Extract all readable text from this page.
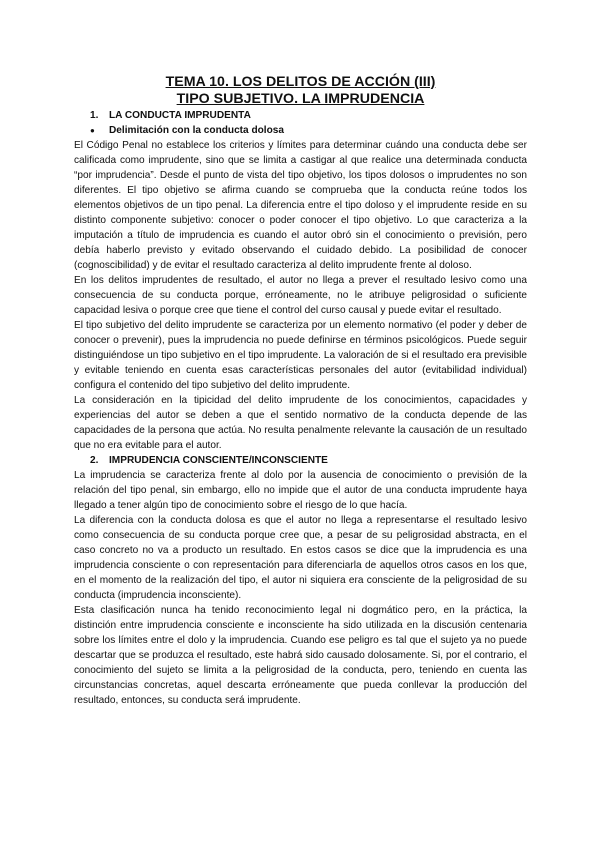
TEMA 10. LOS DELITOS DE ACCIÓN (III)
TIPO SUBJETIVO. LA IMPRUDENCIA
1.	LA CONDUCTA IMPRUDENTA
●	Delimitación con la conducta dolosa

El Código Penal no establece los criterios y límites para determinar cuándo una conducta debe ser calificada como imprudente, sino que se limita a castigar al que realice una determinada conducta “por imprudencia”. Desde el punto de vista del tipo objetivo, los tipos dolosos o imprudentes no son diferentes. El tipo objetivo se afirma cuando se comprueba que la conducta reúne todos los elementos objetivos de un tipo penal. La diferencia entre el tipo doloso y el imprudente reside en su distinto componente subjetivo: conocer o poder conocer el tipo objetivo. Lo que caracteriza a la imputación a título de imprudencia es cuando el autor obró sin el conocimiento o previsión, pero debía haberlo previsto y evitado observando el cuidado debido. La posibilidad de conocer (cognoscibilidad) y de evitar el resultado caracteriza al delito imprudente frente al doloso.

En los delitos imprudentes de resultado, el autor no llega a prever el resultado lesivo como una consecuencia de su conducta porque, erróneamente, no le atribuye peligrosidad o suficiente capacidad lesiva o porque cree que tiene el control del curso causal y puede evitar el resultado.

El tipo subjetivo del delito imprudente se caracteriza por un elemento normativo (el poder y deber de conocer o prevenir), pues la imprudencia no puede definirse en términos psicológicos. Puede seguir distinguiéndose un tipo subjetivo en el tipo imprudente. La valoración de si el resultado era previsible y evitable teniendo en cuenta esas características personales del autor (evitabilidad individual) configura el contenido del tipo subjetivo del delito imprudente.

La consideración en la tipicidad del delito imprudente de los conocimientos, capacidades y experiencias del autor se deben a que el sentido normativo de la conducta depende de las capacidades de la persona que actúa. No resulta penalmente relevante la causación de un resultado que no era evitable para el autor.

2.	IMPRUDENCIA CONSCIENTE/INCONSCIENTE

La imprudencia se caracteriza frente al dolo por la ausencia de conocimiento o previsión de la relación del tipo penal, sin embargo, ello no impide que el autor de una conducta imprudente haya llegado a tener algún tipo de conocimiento sobre el riesgo de lo que hacía.

La diferencia con la conducta dolosa es que el autor no llega a representarse el resultado lesivo como consecuencia de su conducta porque cree que, a pesar de su peligrosidad abstracta, en el caso concreto no va a producto un resultado. En estos casos se dice que la imprudencia es una imprudencia consciente o con representación para diferenciarla de aquellos otros casos en los que, en el momento de la realización del tipo, el autor ni siquiera era consciente de la peligrosidad de su conducta (imprudencia inconsciente).

Esta clasificación nunca ha tenido reconocimiento legal ni dogmático pero, en la práctica, la distinción entre imprudencia consciente e inconsciente ha sido utilizada en la discusión centenaria sobre los límites entre el dolo y la imprudencia. Cuando ese peligro es tal que el sujeto ya no puede descartar que se produzca el resultado, este habrá sido causado dolosamente. Si, por el contrario, el conocimiento del sujeto se limita a la peligrosidad de la conducta, pero, teniendo en cuenta las circunstancias concretas, aquel descarta erróneamente que pueda conllevar la producción del resultado, entonces, su conducta será imprudente.
